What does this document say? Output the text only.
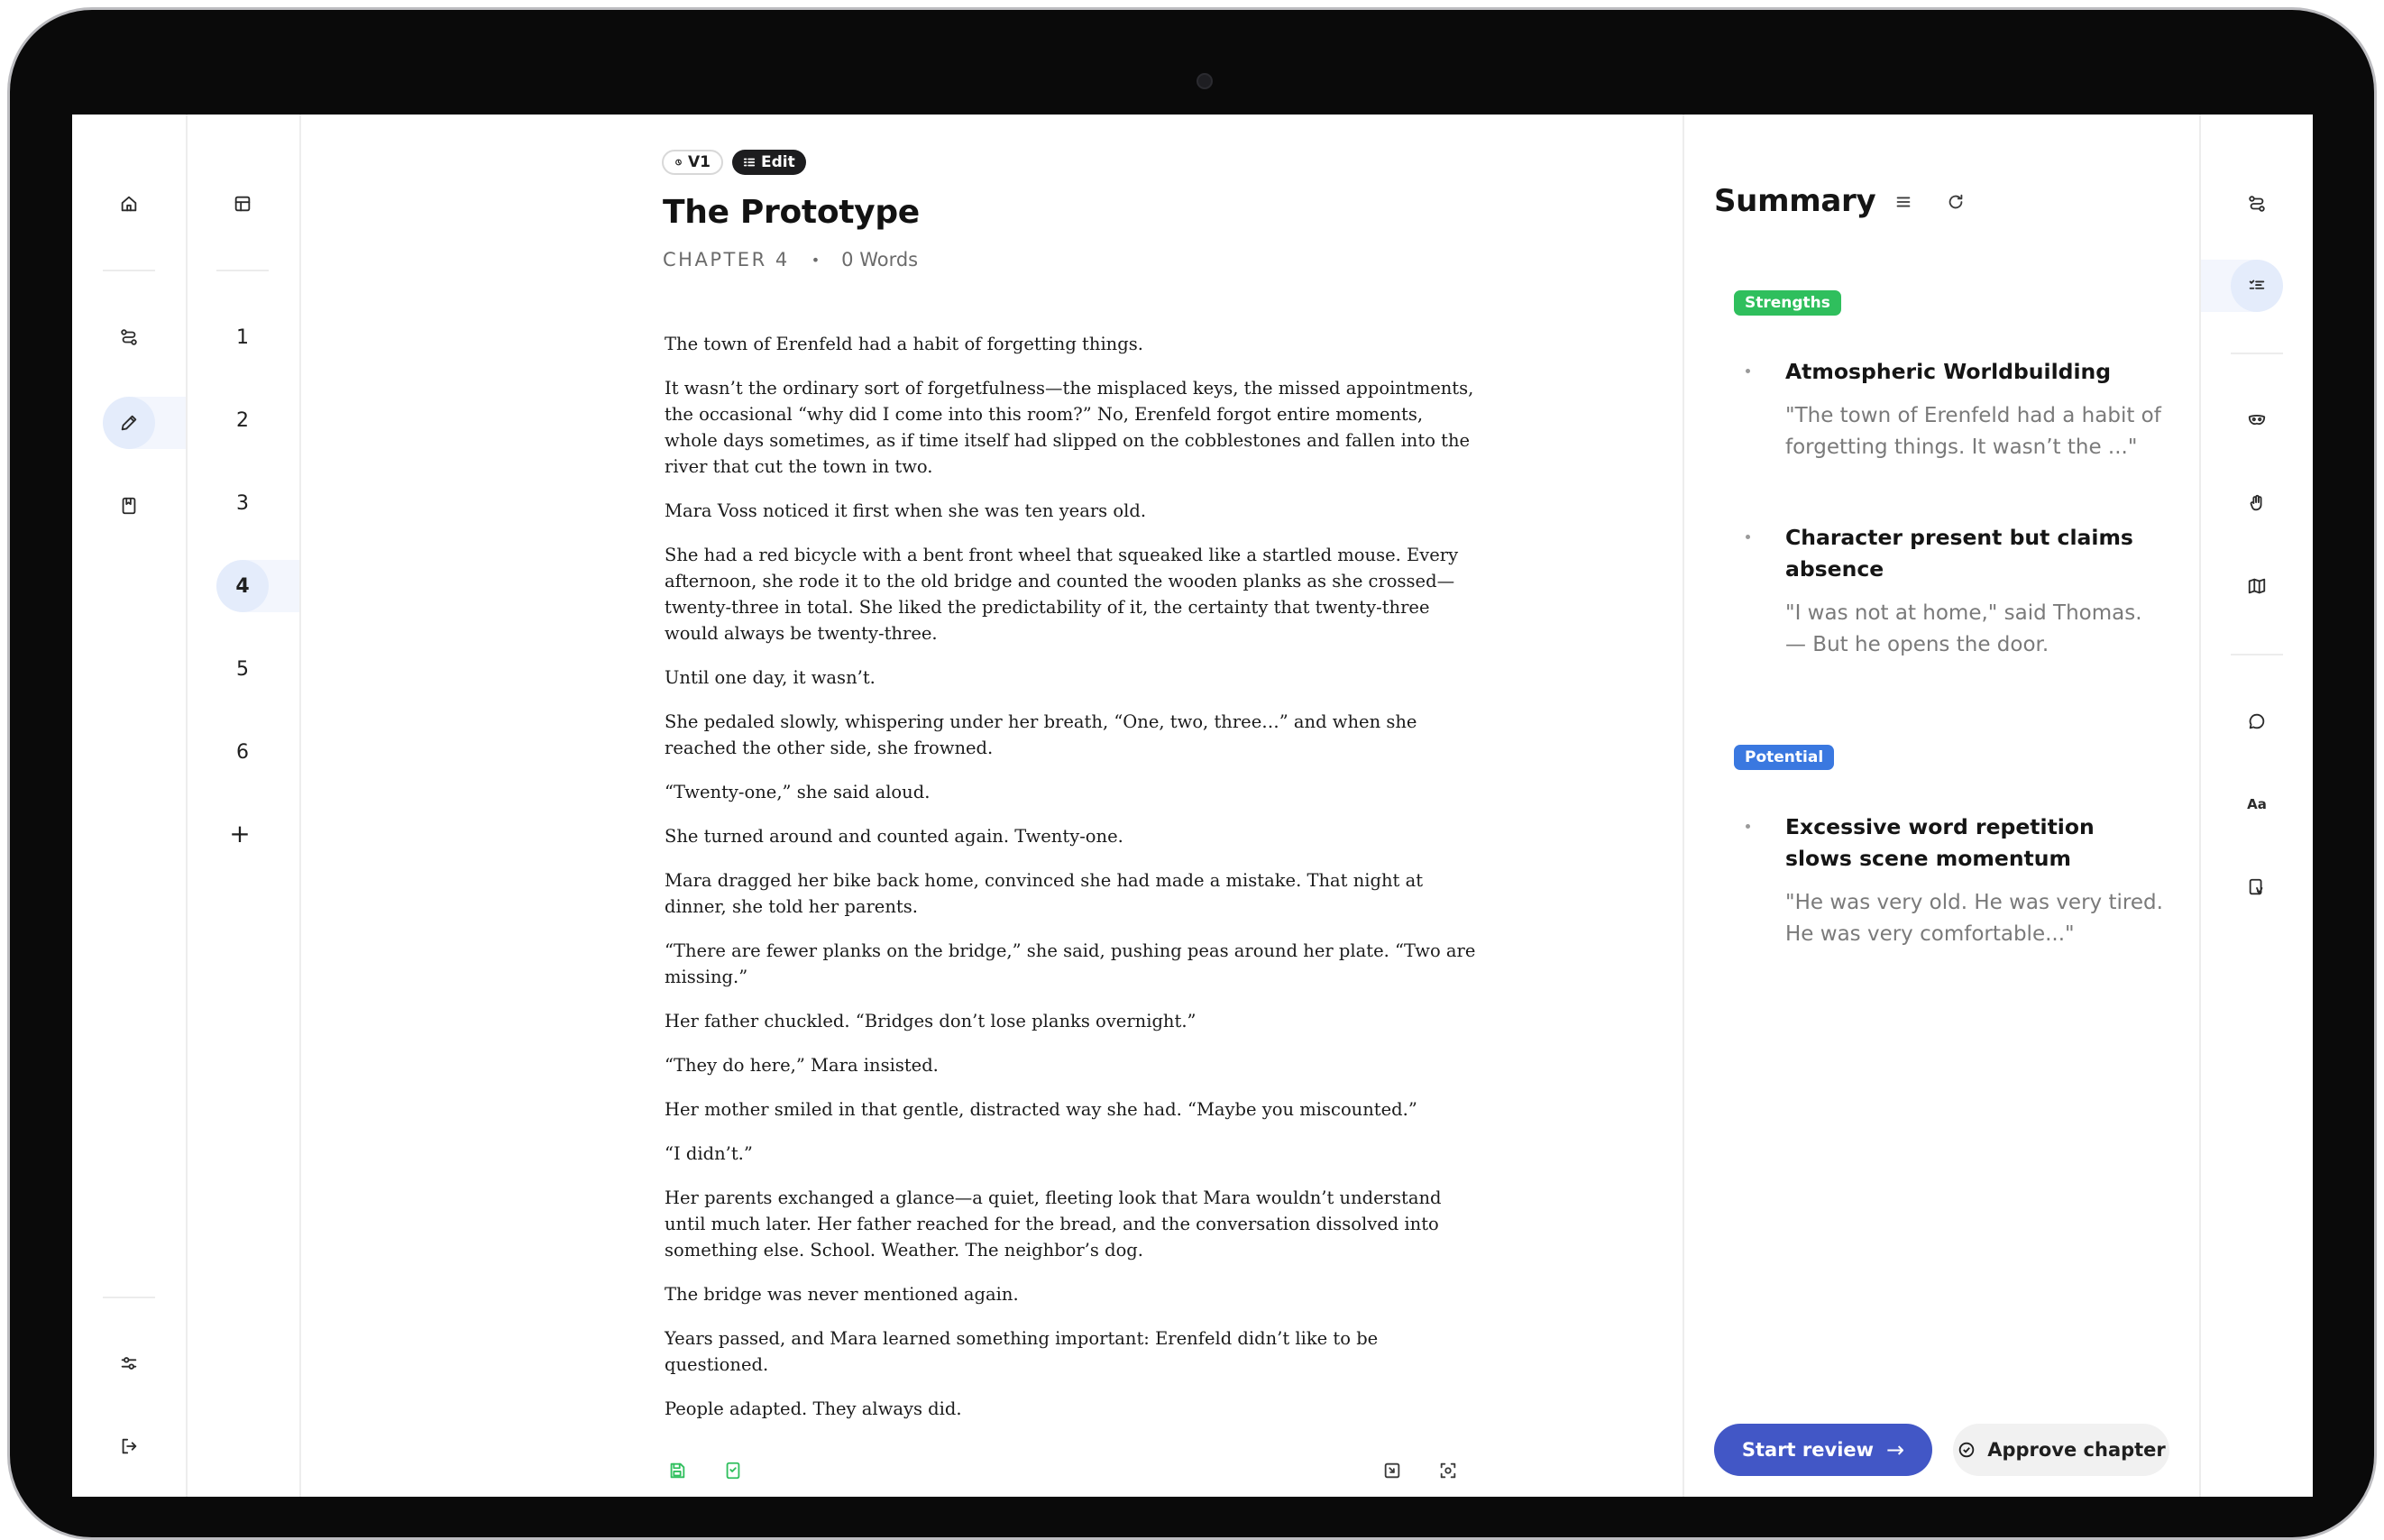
1
2
3
4
5
6
+
V1	Edit
The Prototype
CHAPTER 4 • 0 Words

The town of Erenfeld had a habit of forgetting things.

It wasn’t the ordinary sort of forgetfulness—the misplaced keys, the missed appointments, the occasional “why did I come into this room?” No, Erenfeld forgot entire moments, whole days sometimes, as if time itself had slipped on the cobblestones and fallen into the river that cut the town in two.

Mara Voss noticed it first when she was ten years old.

She had a red bicycle with a bent front wheel that squeaked like a startled mouse. Every afternoon, she rode it to the old bridge and counted the wooden planks as she crossed—twenty-three in total. She liked the predictability of it, the certainty that twenty-three would always be twenty-three.

Until one day, it wasn’t.

She pedaled slowly, whispering under her breath, “One, two, three…” and when she reached the other side, she frowned.

“Twenty-one,” she said aloud.

She turned around and counted again. Twenty-one.

Mara dragged her bike back home, convinced she had made a mistake. That night at dinner, she told her parents.

“There are fewer planks on the bridge,” she said, pushing peas around her plate. “Two are missing.”

Her father chuckled. “Bridges don’t lose planks overnight.”

“They do here,” Mara insisted.

Her mother smiled in that gentle, distracted way she had. “Maybe you miscounted.”

“I didn’t.”

Her parents exchanged a glance—a quiet, fleeting look that Mara wouldn’t understand until much later. Her father reached for the bread, and the conversation dissolved into something else. School. Weather. The neighbor’s dog.

The bridge was never mentioned again.

Years passed, and Mara learned something important: Erenfeld didn’t like to be questioned.

People adapted. They always did.

Summary
Strengths
Atmospheric Worldbuilding
"The town of Erenfeld had a habit of forgetting things. It wasn’t the ..."
Character present but claims absence
"I was not at home," said Thomas. — But he opens the door.
Potential
Excessive word repetition slows scene momentum
"He was very old. He was very tired. He was very comfortable..."
Start review →	Approve chapter
Aa
